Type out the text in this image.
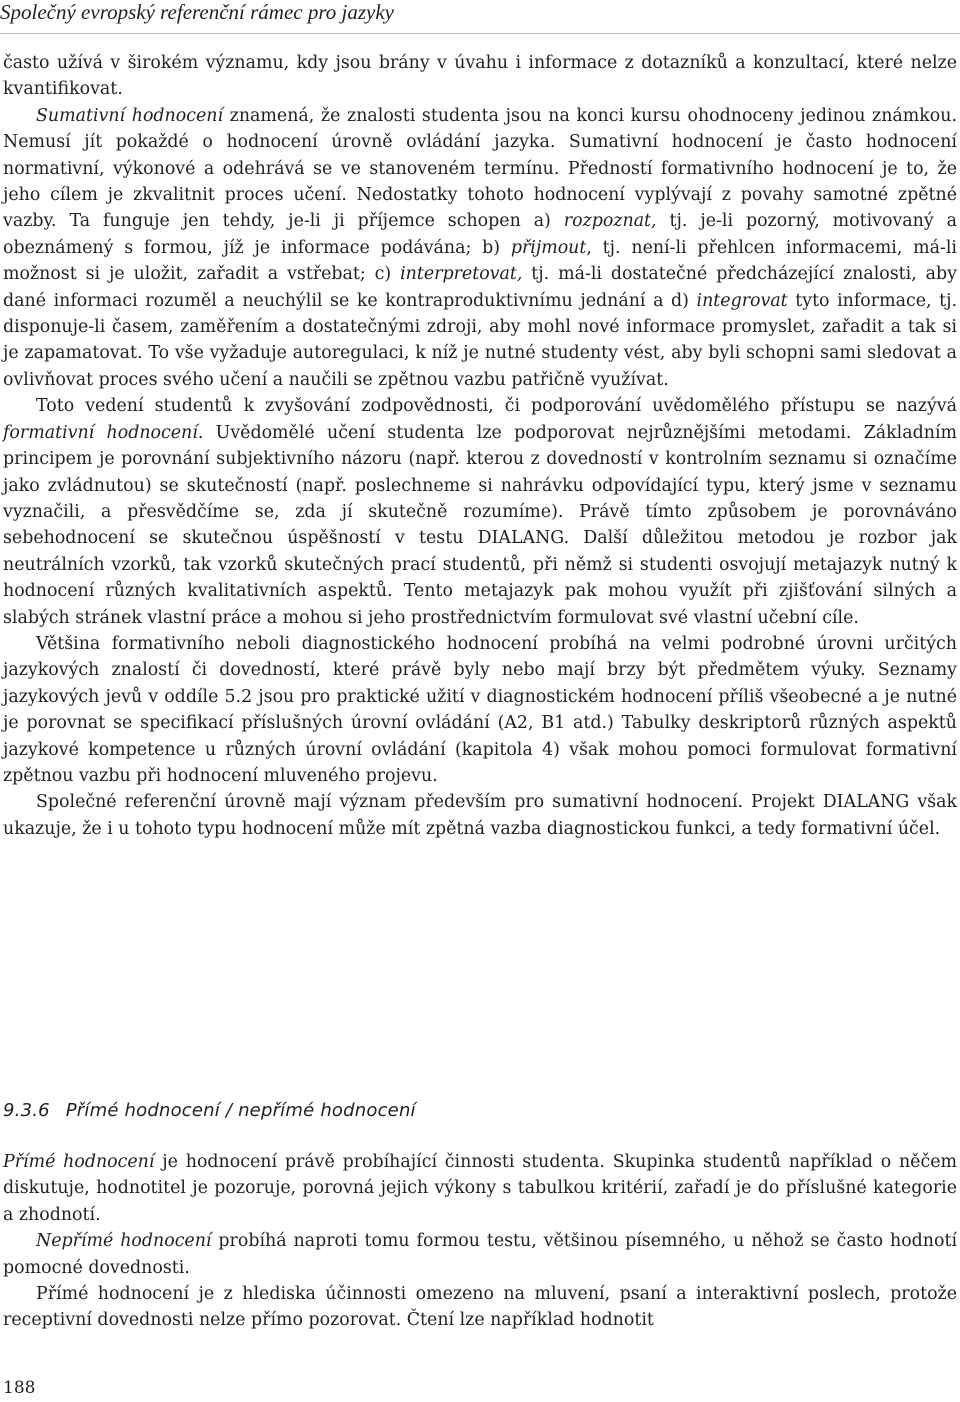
Společný evropský referenční rámec pro jazyky

často užívá v širokém významu, kdy jsou brány v úvahu i informace z dotazníků a konzultací, které nelze kvantifikovat.

Sumativní hodnocení znamená, že znalosti studenta jsou na konci kursu ohodnoceny jedinou známkou. Nemusí jít pokaždé o hodnocení úrovně ovládání jazyka. Sumativní hodnocení je často hodnocení normativní, výkonové a odehrává se ve stanoveném termínu. Předností formativního hodnocení je to, že jeho cílem je zkvalitnit proces učení. Nedostatky tohoto hodnocení vyplývají z povahy samotné zpětné vazby. Ta funguje jen tehdy, je-li ji příjemce schopen a) rozpoznat, tj. je-li pozorný, motivovaný a obeznámený s formou, jíž je informace podávána; b) přijmout, tj. není-li přehlcen informacemi, má-li možnost si je uložit, zařadit a vstřebat; c) interpretovat, tj. má-li dostatečné předcházející znalosti, aby dané informaci rozuměl a neuchýlil se ke kontraproduktivnímu jednání a d) integrovat tyto informace, tj. disponuje-li časem, zaměřením a dostatečnými zdroji, aby mohl nové informace promyslet, zařadit a tak si je zapamatovat. To vše vyžaduje autoregulaci, k níž je nutné studenty vést, aby byli schopni sami sledovat a ovlivňovat proces svého učení a naučili se zpětnou vazbu patřičně využívat.

Toto vedení studentů k zvyšování zodpovědnosti, či podporování uvědomělého přístupu se nazývá formativní hodnocení. Uvědomělé učení studenta lze podporovat nejrůznějšími metodami. Základním principem je porovnání subjektivního názoru (např. kterou z dovedností v kontrolním seznamu si označíme jako zvládnutou) se skutečností (např. poslechneme si nahrávku odpovídající typu, který jsme v seznamu vyznačili, a přesvědčíme se, zda jí skutečně rozumíme). Právě tímto způsobem je porovnáváno sebehodnocení se skutečnou úspěšností v testu DIALANG. Další důležitou metodou je rozbor jak neutrálních vzorků, tak vzorků skutečných prací studentů, při němž si studenti osvojují metajazyk nutný k hodnocení různých kvalitativních aspektů. Tento metajazyk pak mohou využít při zjišťování silných a slabých stránek vlastní práce a mohou si jeho prostřednictvím formulovat své vlastní učební cíle.

Většina formativního neboli diagnostického hodnocení probíhá na velmi podrobné úrovni určitých jazykových znalostí či dovedností, které právě byly nebo mají brzy být předmětem výuky. Seznamy jazykových jevů v oddíle 5.2 jsou pro praktické užití v diagnostickém hodnocení příliš všeobecné a je nutné je porovnat se specifikací příslušných úrovní ovládání (A2, B1 atd.) Tabulky deskriptorů různých aspektů jazykové kompetence u různých úrovní ovládání (kapitola 4) však mohou pomoci formulovat formativní zpětnou vazbu při hodnocení mluveného projevu.

Společné referenční úrovně mají význam především pro sumativní hodnocení. Projekt DIALANG však ukazuje, že i u tohoto typu hodnocení může mít zpětná vazba diagnostickou funkci, a tedy formativní účel.

9.3.6 Přímé hodnocení / nepřímé hodnocení

Přímé hodnocení je hodnocení právě probíhající činnosti studenta. Skupinka studentů například o něčem diskutuje, hodnotitel je pozoruje, porovná jejich výkony s tabulkou kritérií, zařadí je do příslušné kategorie a zhodnotí.

Nepřímé hodnocení probíhá naproti tomu formou testu, většinou písemného, u něhož se často hodnotí pomocné dovednosti.

Přímé hodnocení je z hlediska účinnosti omezeno na mluvení, psaní a interaktivní poslech, protože receptivní dovednosti nelze přímo pozorovat. Čtení lze například hodnotit

188
